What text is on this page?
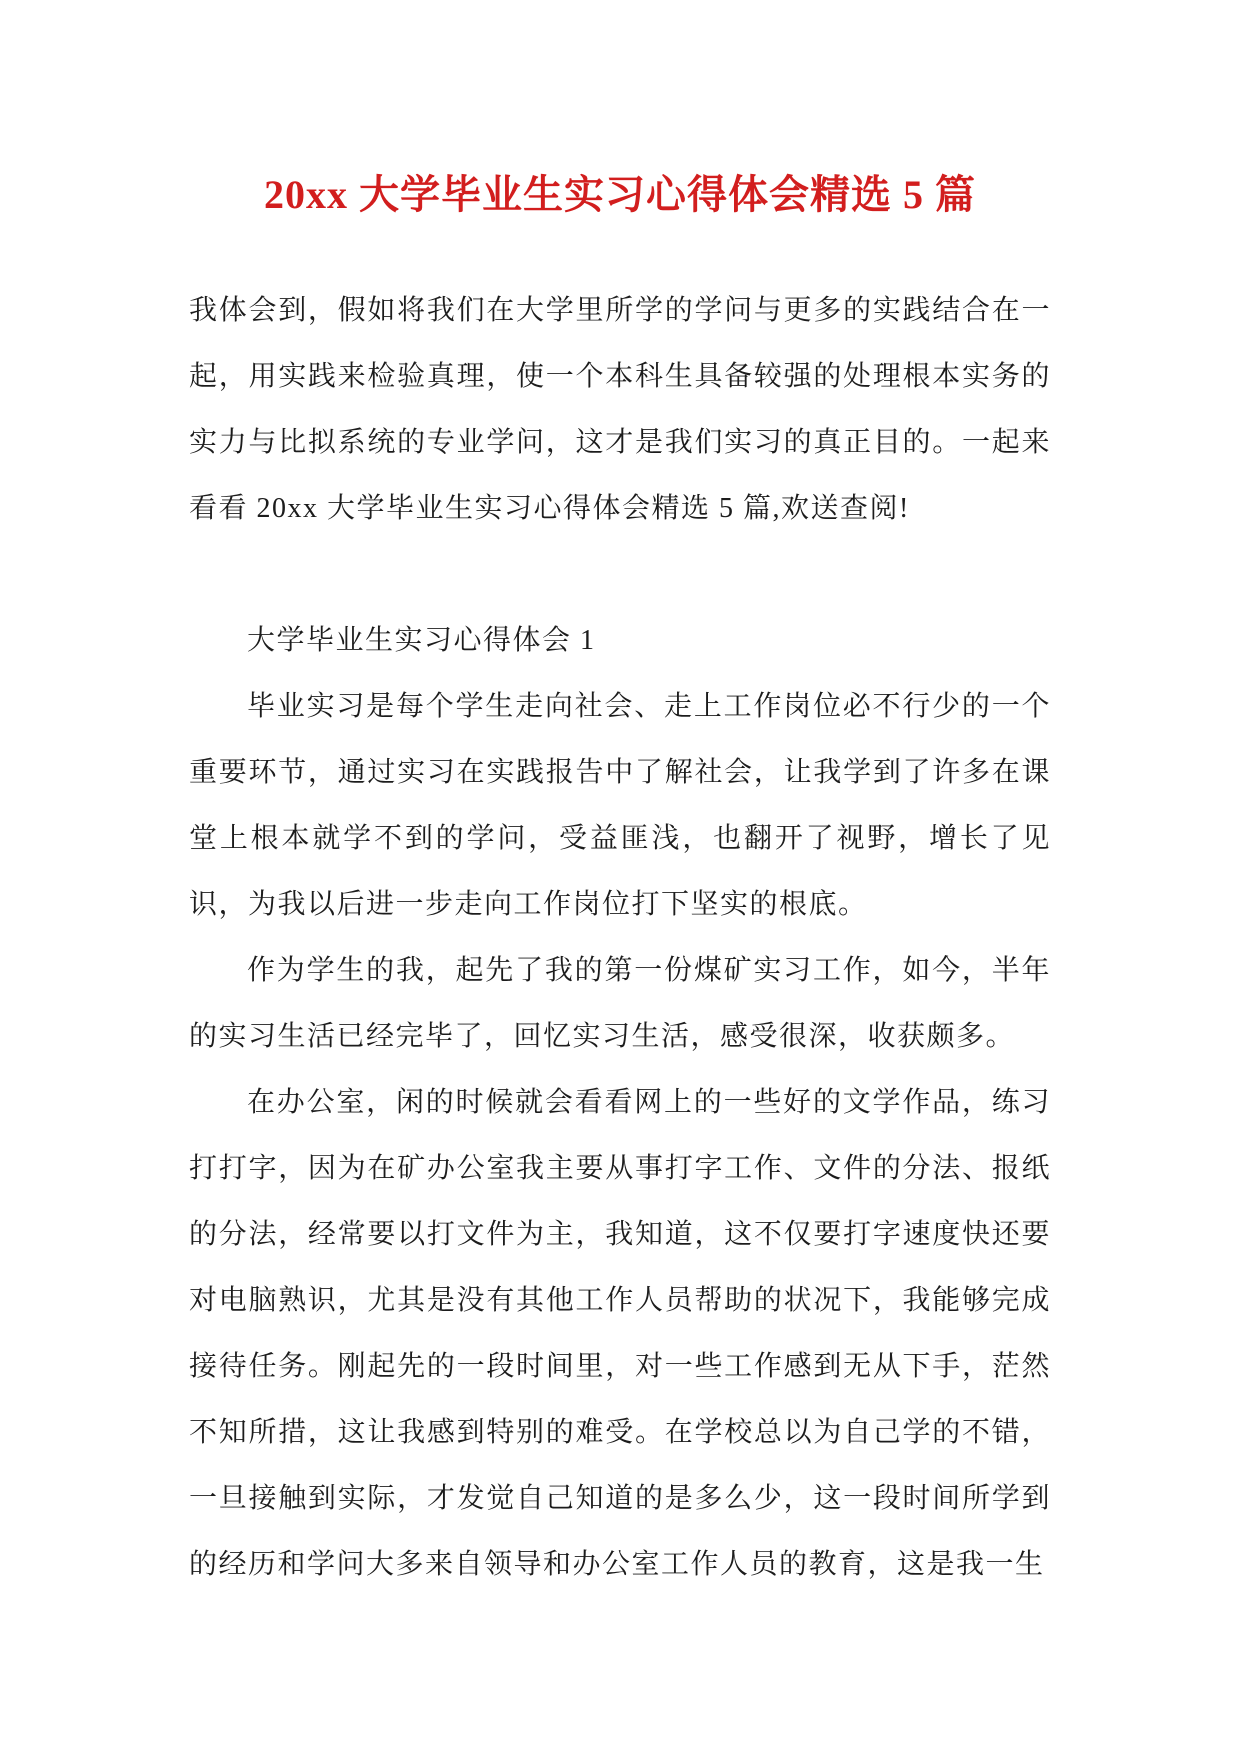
20xx 大学毕业生实习心得体会精选 5 篇

我体会到，假如将我们在大学里所学的学问与更多的实践结合在一起，用实践来检验真理，使一个本科生具备较强的处理根本实务的实力与比拟系统的专业学问，这才是我们实习的真正目的。一起来看看 20xx 大学毕业生实习心得体会精选 5 篇,欢送查阅!

大学毕业生实习心得体会 1

毕业实习是每个学生走向社会、走上工作岗位必不行少的一个重要环节，通过实习在实践报告中了解社会，让我学到了许多在课堂上根本就学不到的学问，受益匪浅，也翻开了视野，增长了见识，为我以后进一步走向工作岗位打下坚实的根底。

作为学生的我，起先了我的第一份煤矿实习工作，如今，半年的实习生活已经完毕了，回忆实习生活，感受很深，收获颇多。

在办公室，闲的时候就会看看网上的一些好的文学作品，练习打打字，因为在矿办公室我主要从事打字工作、文件的分法、报纸的分法，经常要以打文件为主，我知道，这不仅要打字速度快还要对电脑熟识，尤其是没有其他工作人员帮助的状况下，我能够完成接待任务。刚起先的一段时间里，对一些工作感到无从下手，茫然不知所措，这让我感到特别的难受。在学校总以为自己学的不错，一旦接触到实际，才发觉自己知道的是多么少，这一段时间所学到的经历和学问大多来自领导和办公室工作人员的教育，这是我一生
